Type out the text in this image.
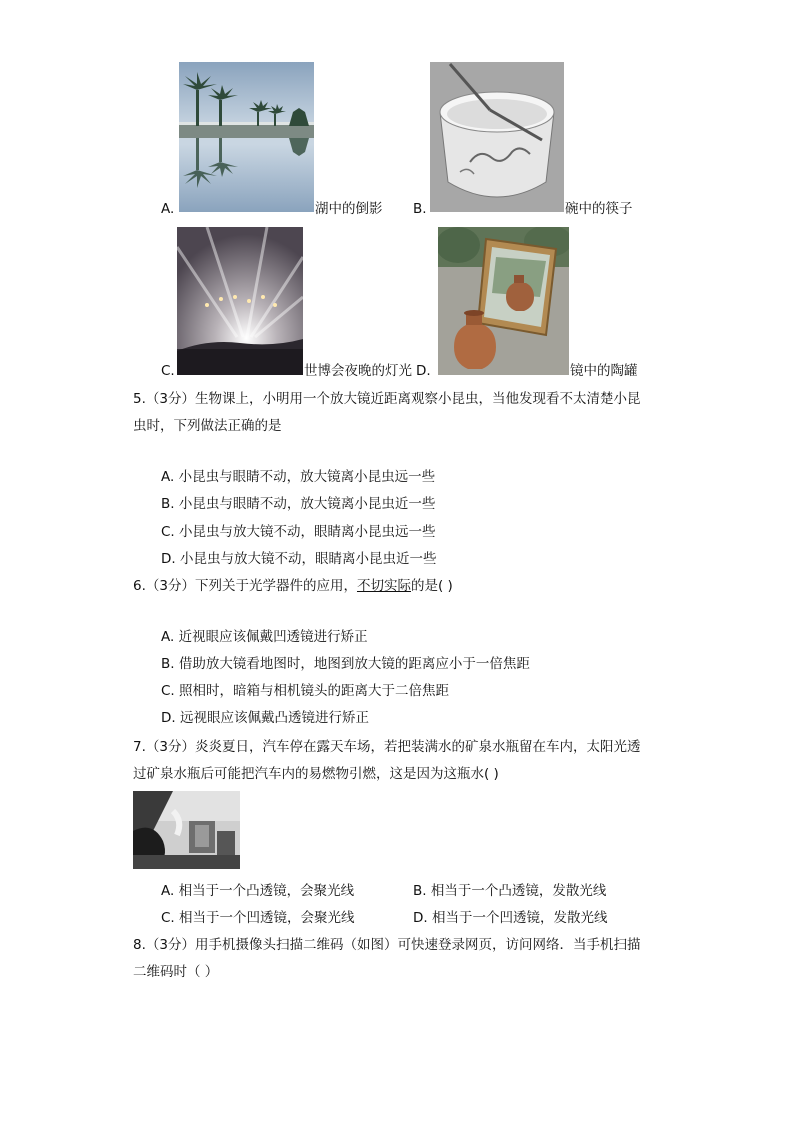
A.	湖中的倒影 B.	碗中的筷子
C.	世博会夜晚的灯光 D.	镜中的陶罐
5.（3分）生物课上，小明用一个放大镜近距离观察小昆虫，当他发现看不太清楚小昆
虫时，下列做法正确的是
A. 小昆虫与眼睛不动，放大镜离小昆虫远一些
B. 小昆虫与眼睛不动，放大镜离小昆虫近一些
C. 小昆虫与放大镜不动，眼睛离小昆虫远一些
D. 小昆虫与放大镜不动，眼睛离小昆虫近一些
6.（3分）下列关于光学器件的应用，不切实际的是( )
A. 近视眼应该佩戴凹透镜进行矫正
B. 借助放大镜看地图时，地图到放大镜的距离应小于一倍焦距
C. 照相时，暗箱与相机镜头的距离大于二倍焦距
D. 远视眼应该佩戴凸透镜进行矫正
7.（3分）炎炎夏日，汽车停在露天车场，若把装满水的矿泉水瓶留在车内，太阳光透
过矿泉水瓶后可能把汽车内的易燃物引燃，这是因为这瓶水( )
A. 相当于一个凸透镜，会聚光线	B. 相当于一个凸透镜，发散光线
C. 相当于一个凹透镜，会聚光线	D. 相当于一个凹透镜，发散光线
8.（3分）用手机摄像头扫描二维码（如图）可快速登录网页，访问网络．当手机扫描
二维码时（ ）
